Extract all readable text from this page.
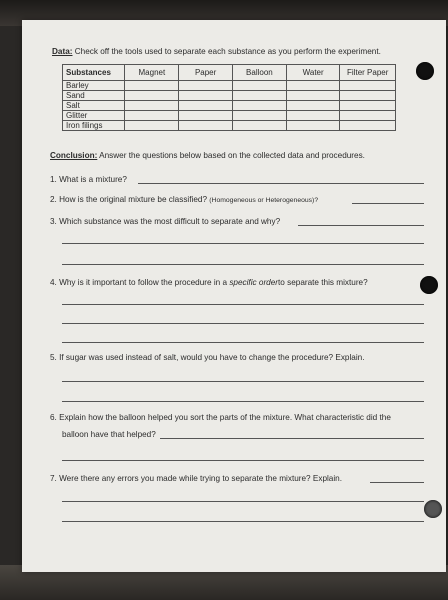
Data: Check off the tools used to separate each substance as you perform the experiment.
Substances	Magnet	Paper	Balloon	Water	Filter Paper
Barley					
Sand					
Salt					
Glitter					
Iron filings					
Conclusion: Answer the questions below based on the collected data and procedures.
1. What is a mixture?
2. How is the original mixture be classified? (Homogeneous or Heterogeneous)?
3. Which substance was the most difficult to separate and why?
4. Why is it important to follow the procedure in a specific orderto separate this mixture?
5. If sugar was used instead of salt, would you have to change the procedure? Explain.
6. Explain how the balloon helped you sort the parts of the mixture. What characteristic did the
balloon have that helped?
7. Were there any errors you made while trying to separate the mixture? Explain.
